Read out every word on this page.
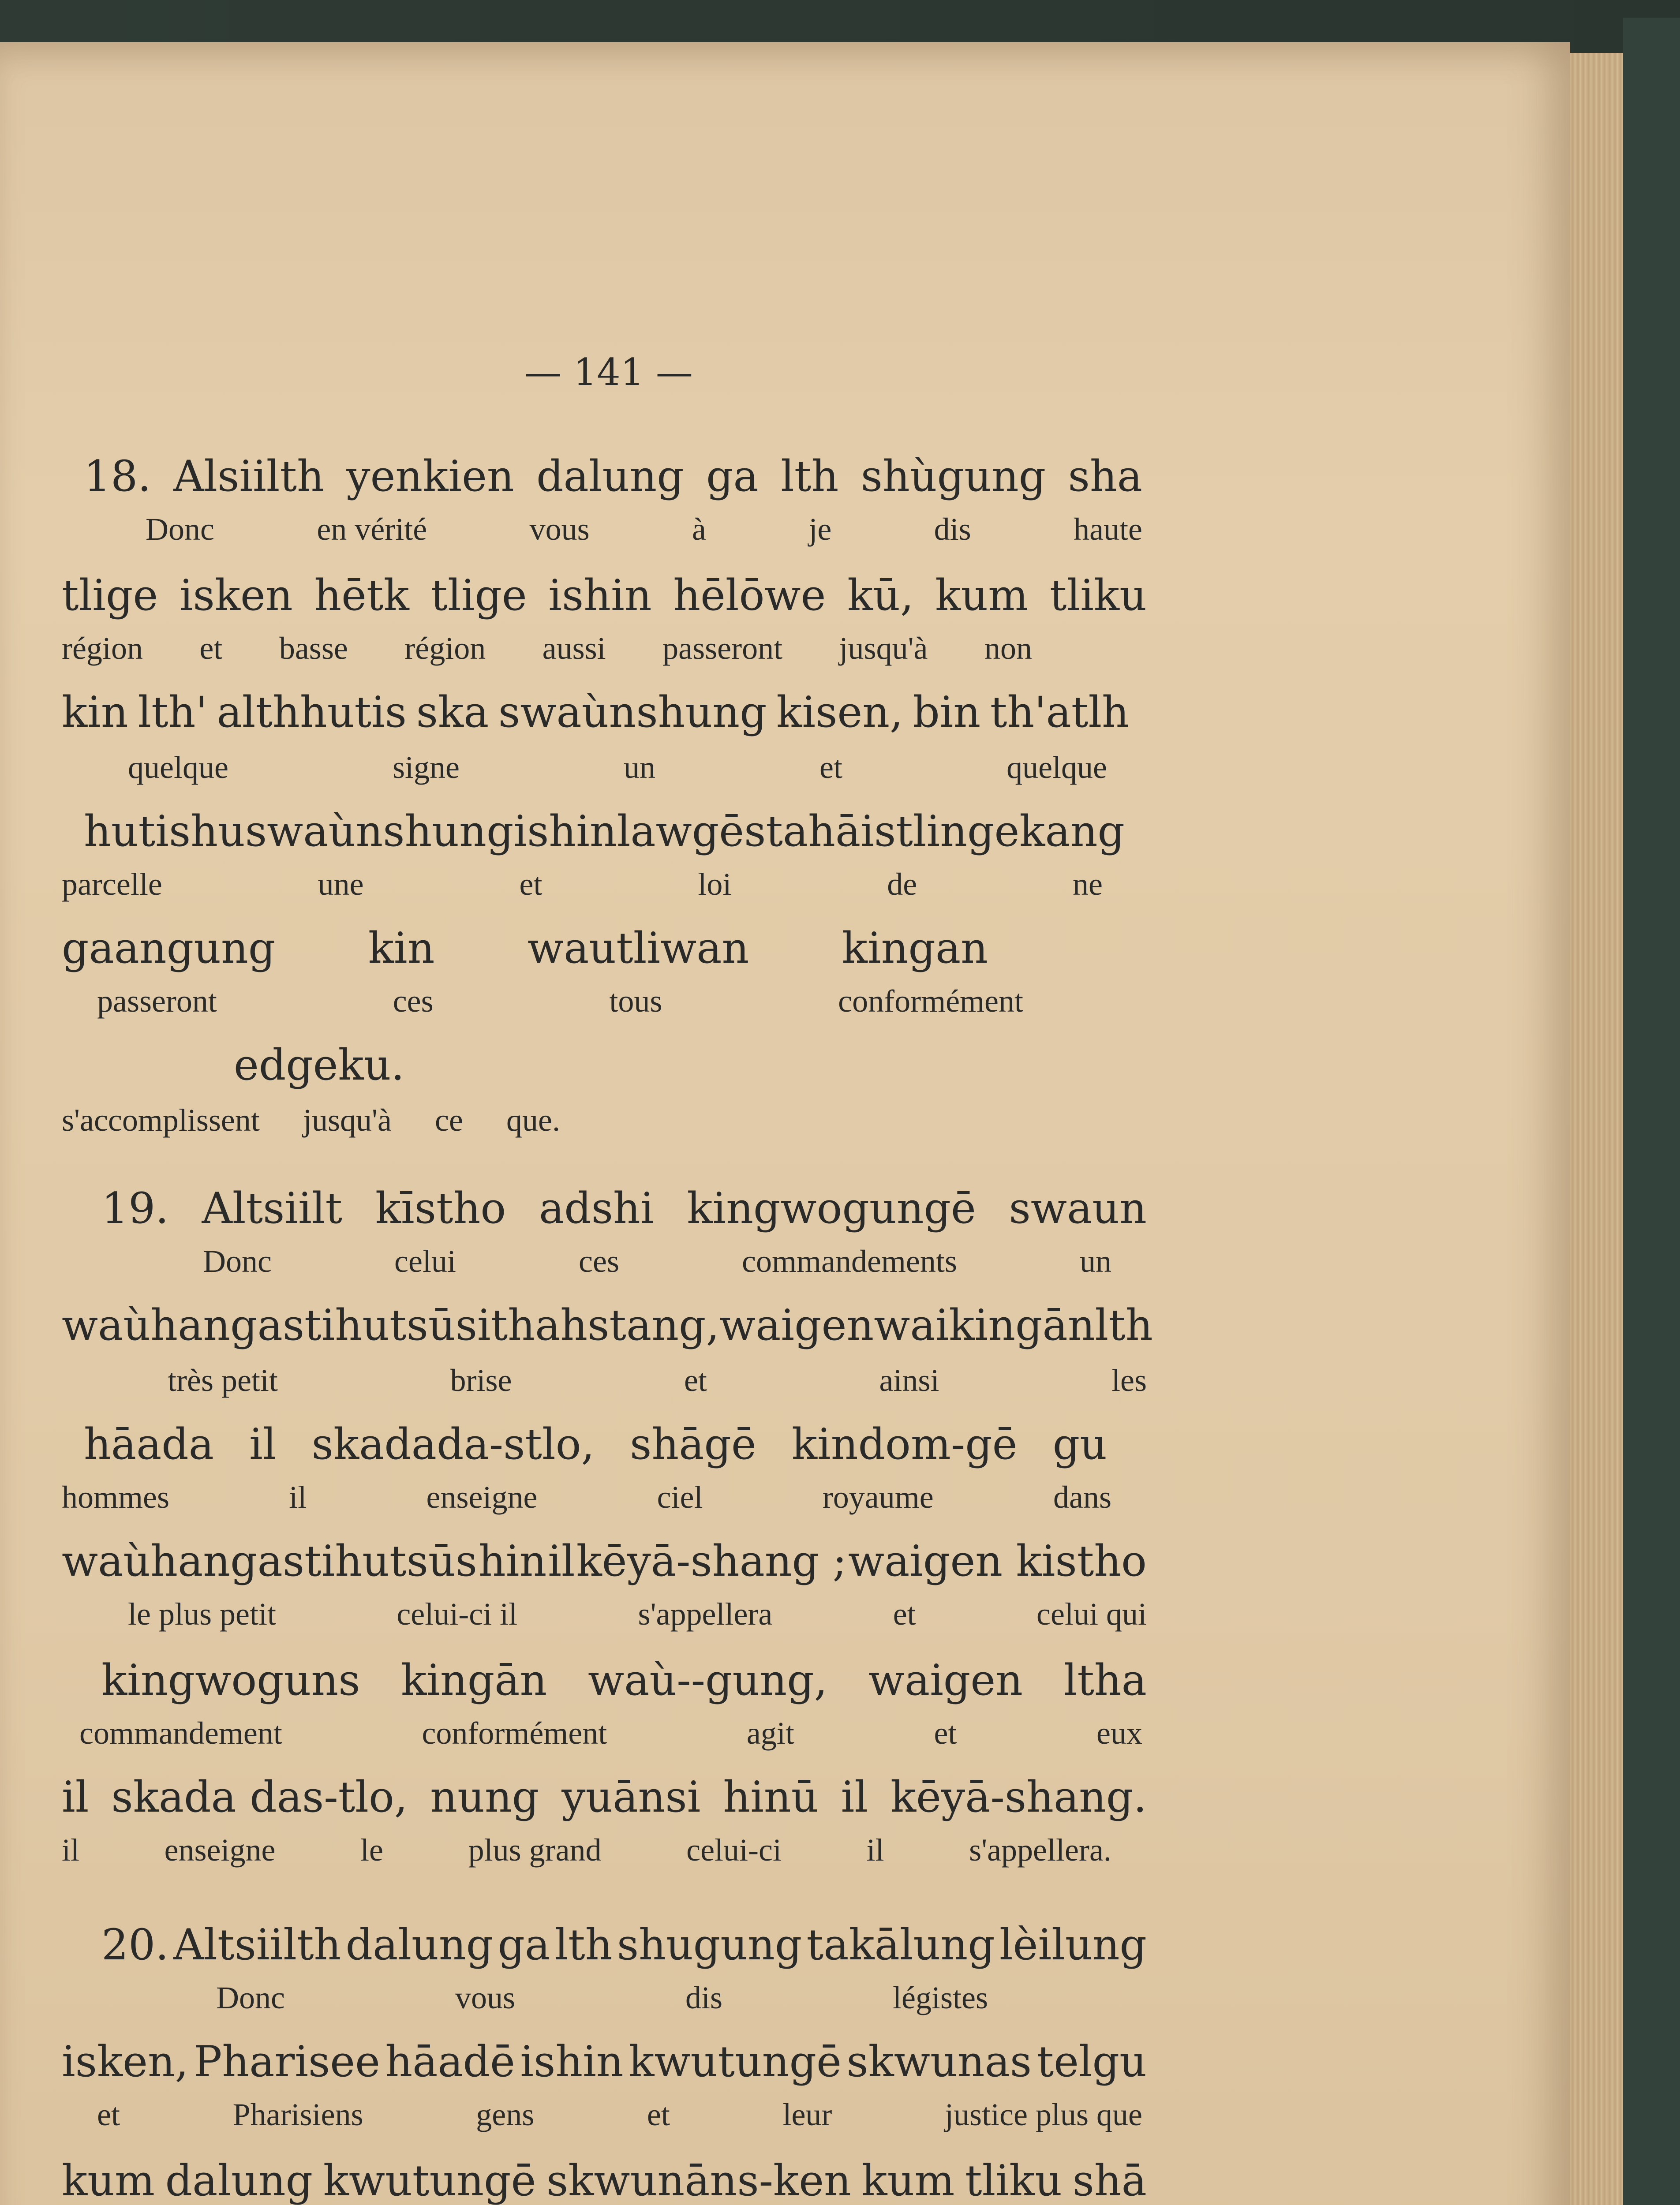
— 141 —
18. Alsiilth yenkien dalung ga lth shùgung sha
Donc	en vérité	vous	à	je	dis	haute
tlige isken hētk tlige ishin hēlōwe kū, kum tliku
région et basse région aussi passeront jusqu'à non
kin lth' althhutis ska swaùnshung kisen, bin th'atlh
quelque	signe	un	et	quelque
hutis hu swaùnshung ishin lawgē stahā is tlinge kang
parcelle	une	et	loi	de	ne
gaangung kin wautliwan kingan
passeront	ces	tous	conformément
edge ku.
s'accomplissent jusqu'à ce que.
19. Altsiilt kīstho adshi kingwogungē swaun
Donc	celui	ces	commandements	un
waùhangastihutsūsi thahstang, waigen waikingān lth
très petit	brise	et	ainsi	les
hāada il skadada-stlo, shāgē kindom-gē gu
hommes	il	enseigne	ciel	royaume	dans
waùhangastihutsūs hin il kēyā-shang ; waigen kistho
le plus petit	celui-ci il	s'appellera	et	celui qui
kingwoguns kingān waù--gung, waigen ltha
commandement	conformément	agit	et	eux
il skada das-tlo, nung yuānsi hinū il kēyā-shang.
il	enseigne	le	plus grand	celui-ci	il	s'appellera.
20. Altsiilth dalung ga lth shugung takālung lèilung
Donc	vous	dis	légistes
isken, Pharisee hāadē ishin kwutungē skwunas telgu
et	Pharisiens	gens	et	leur	justice plus que
kum dalung kwutungē skwunāns-ken kum tliku shā
